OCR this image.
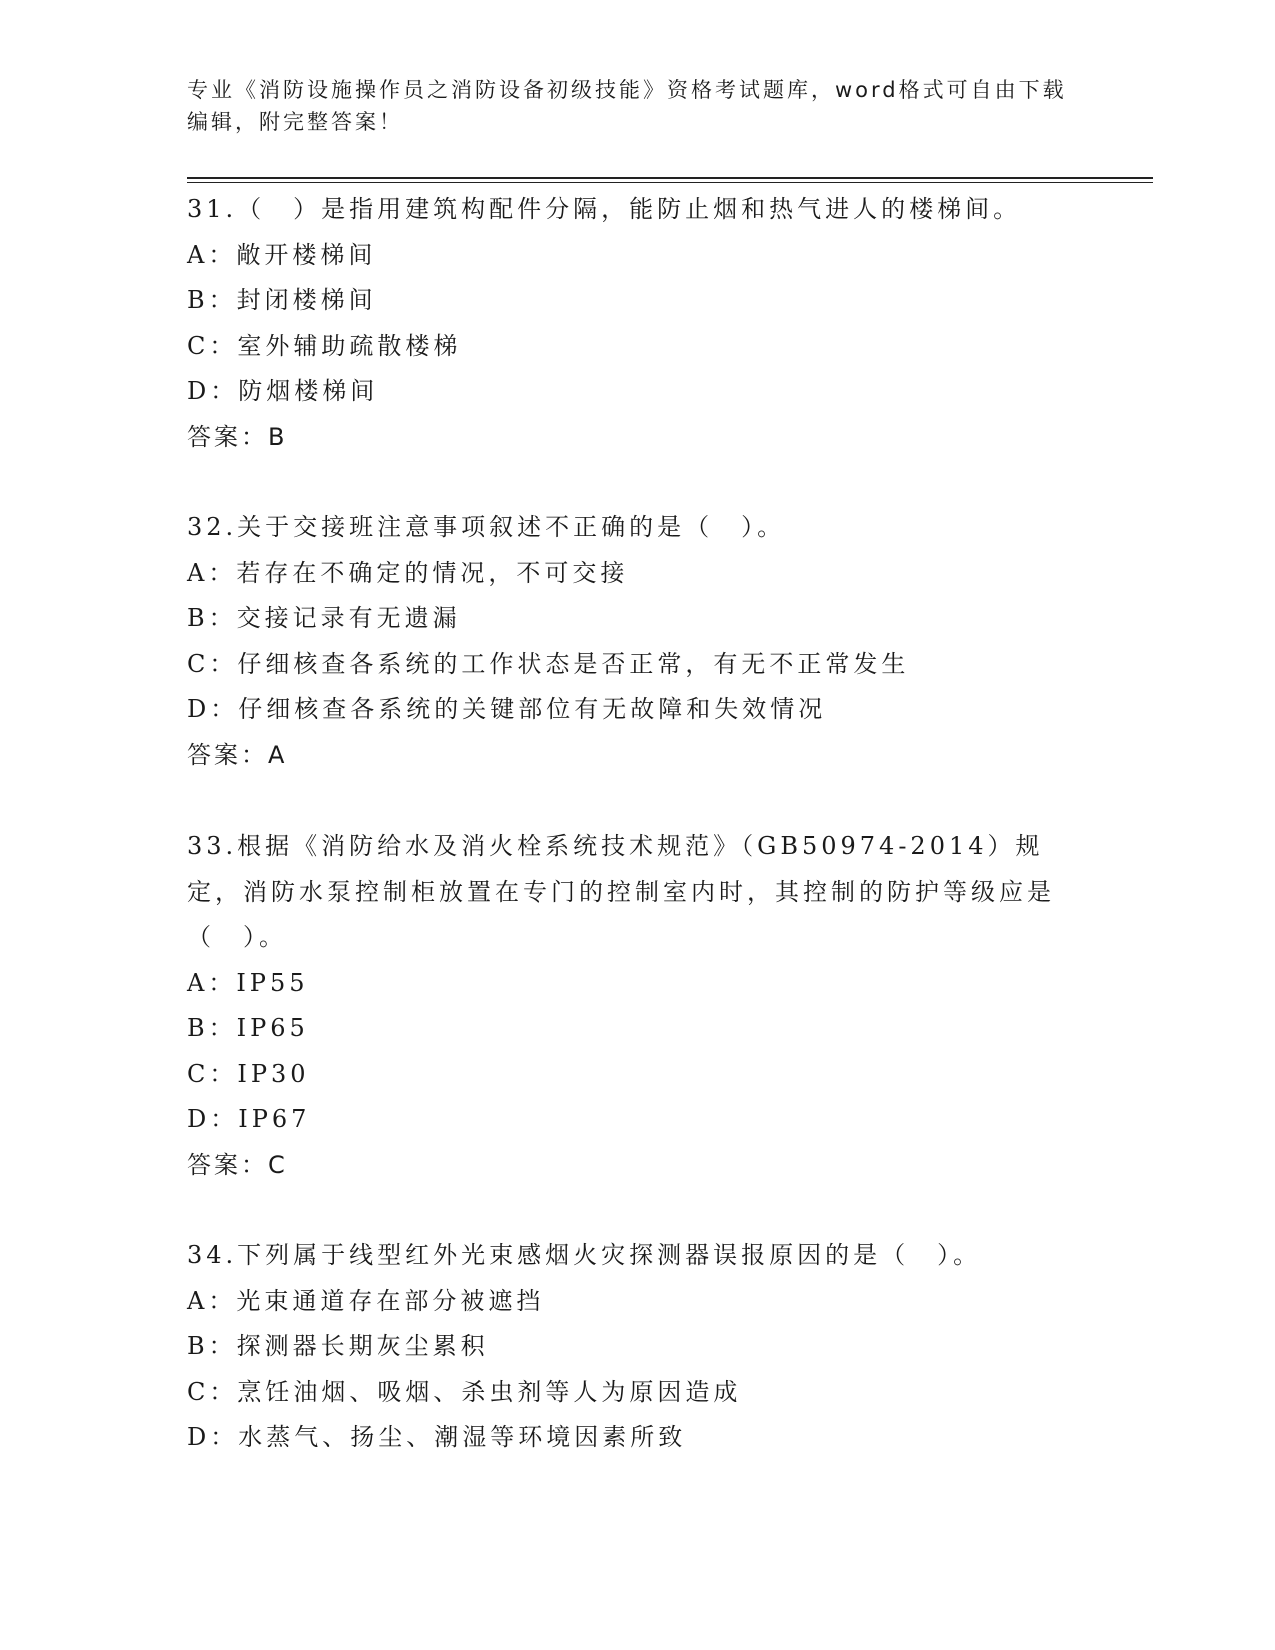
专业《消防设施操作员之消防设备初级技能》资格考试题库，word格式可自由下载编辑，附完整答案！
31.（　）是指用建筑构配件分隔，能防止烟和热气进人的楼梯间。
A：敞开楼梯间
B：封闭楼梯间
C：室外辅助疏散楼梯
D：防烟楼梯间
答案：B
32.关于交接班注意事项叙述不正确的是（　）。
A：若存在不确定的情况，不可交接
B：交接记录有无遗漏
C：仔细核查各系统的工作状态是否正常，有无不正常发生
D：仔细核查各系统的关键部位有无故障和失效情况
答案：A
33.根据《消防给水及消火栓系统技术规范》（GB50974-2014）规定，消防水泵控制柜放置在专门的控制室内时，其控制的防护等级应是（　）。
A：IP55
B：IP65
C：IP30
D：IP67
答案：C
34.下列属于线型红外光束感烟火灾探测器误报原因的是（　）。
A：光束通道存在部分被遮挡
B：探测器长期灰尘累积
C：烹饪油烟、吸烟、杀虫剂等人为原因造成
D：水蒸气、扬尘、潮湿等环境因素所致
